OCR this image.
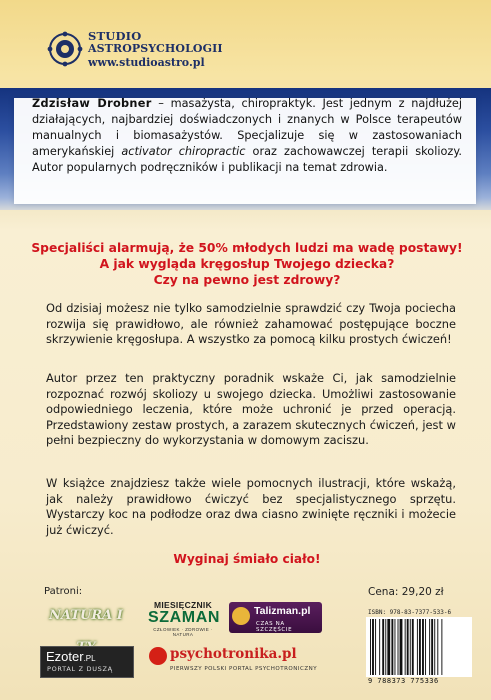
STUDIO
ASTROPSYCHOLOGII
www.studioastro.pl
Zdzisław Drobner – masażysta, chiropraktyk. Jest jednym z najdłużej działających, najbardziej doświadczonych i znanych w Polsce terapeutów manualnych i biomasażystów. Specjalizuje się w zastosowaniach amerykańskiej activator chiropractic oraz zachowawczej terapii skoliozy. Autor popularnych podręczników i publikacji na temat zdrowia.
Specjaliści alarmują, że 50% młodych ludzi ma wadę postawy!
A jak wygląda kręgosłup Twojego dziecka?
Czy na pewno jest zdrowy?
Od dzisiaj możesz nie tylko samodzielnie sprawdzić czy Twoja pociecha rozwija się prawidłowo, ale również zahamować postępujące boczne skrzywienie kręgosłupa. A wszystko za pomocą kilku prostych ćwiczeń!
Autor przez ten praktyczny poradnik wskaże Ci, jak samodzielnie rozpoznać rozwój skoliozy u swojego dziecka. Umożliwi zastosowanie odpowiedniego leczenia, które może uchronić je przed operacją. Przedstawiony zestaw prostych, a zarazem skutecznych ćwiczeń, jest w pełni bezpieczny do wykorzystania w domowym zaciszu.
W książce znajdziesz także wiele pomocnych ilustracji, które wskażą, jak należy prawidłowo ćwiczyć bez specjalistycznego sprzętu. Wystarczy koc na podłodze oraz dwa ciasno zwinięte ręczniki i możecie już ćwiczyć.
Wyginaj śmiało ciało!
Patroni:	Cena: 29,20 zł
NATURA I
MIESIĘCZNIK
SZAMAN
CZŁOWIEK · ZDROWIE · NATURA
Talizman.pl
CZAS NA SZCZĘŚCIE
ISBN: 978-83-7377-533-6
9 788373 775336
Ezoter.PL
PORTAL Z DUSZĄ
psychotronika.pl
PIERWSZY POLSKI PORTAL PSYCHOTRONICZNY
